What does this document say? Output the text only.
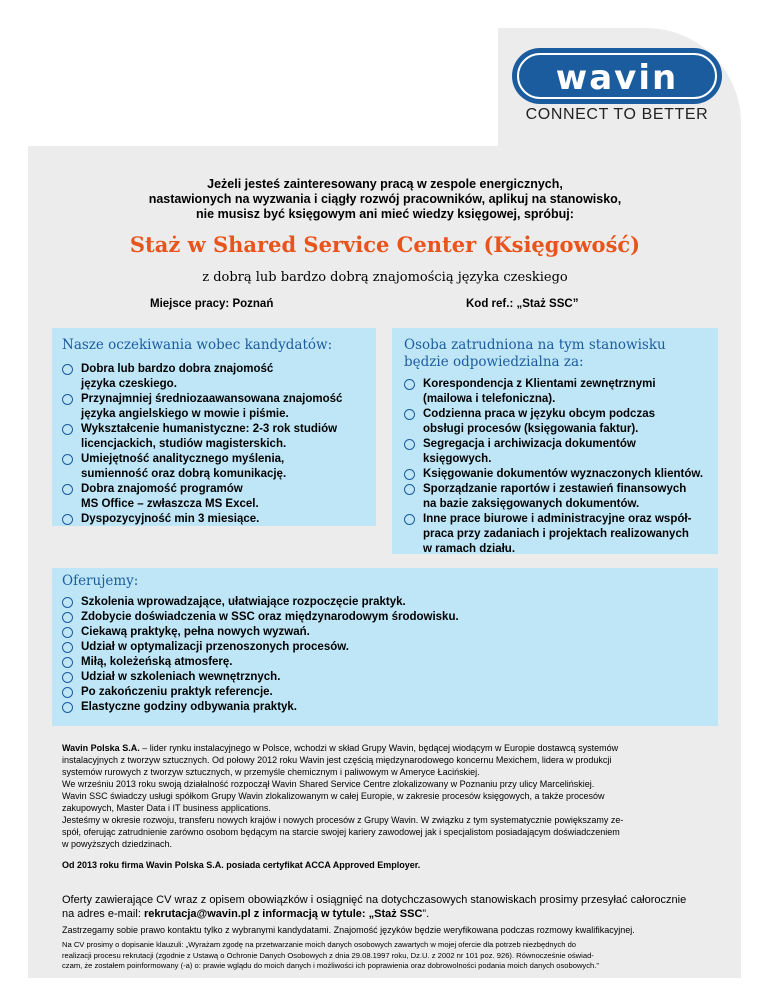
wavin
CONNECT TO BETTER
Jeżeli jesteś zainteresowany pracą w zespole energicznych,
nastawionych na wyzwania i ciągły rozwój pracowników, aplikuj na stanowisko,
nie musisz być księgowym ani mieć wiedzy księgowej, spróbuj:
Staż w Shared Service Center (Księgowość)
z dobrą lub bardzo dobrą znajomością języka czeskiego
Miejsce pracy: Poznań	Kod ref.: „Staż SSC”
Nasze oczekiwania wobec kandydatów:
Dobra lub bardzo dobra znajomość
języka czeskiego.
Przynajmniej średniozaawansowana znajomość
języka angielskiego w mowie i piśmie.
Wykształcenie humanistyczne: 2-3 rok studiów
licencjackich, studiów magisterskich.
Umiejętność analitycznego myślenia,
sumienność oraz dobrą komunikację.
Dobra znajomość programów
MS Office – zwłaszcza MS Excel.
Dyspozycyjność min 3 miesiące.
Osoba zatrudniona na tym stanowisku
będzie odpowiedzialna za:
Korespondencja z Klientami zewnętrznymi
(mailowa i telefoniczna).
Codzienna praca w języku obcym podczas
obsługi procesów (księgowania faktur).
Segregacja i archiwizacja dokumentów
księgowych.
Księgowanie dokumentów wyznaczonych klientów.
Sporządzanie raportów i zestawień finansowych
na bazie zaksięgowanych dokumentów.
Inne prace biurowe i administracyjne oraz współ-
praca przy zadaniach i projektach realizowanych
w ramach działu.
Oferujemy:
Szkolenia wprowadzające, ułatwiające rozpoczęcie praktyk.
Zdobycie doświadczenia w SSC oraz międzynarodowym środowisku.
Ciekawą praktykę, pełna nowych wyzwań.
Udział w optymalizacji przenoszonych procesów.
Miłą, koleżeńską atmosferę.
Udział w szkoleniach wewnętrznych.
Po zakończeniu praktyk referencje.
Elastyczne godziny odbywania praktyk.

Wavin Polska S.A. – lider rynku instalacyjnego w Polsce, wchodzi w skład Grupy Wavin, będącej wiodącym w Europie dostawcą systemów
instalacyjnych z tworzyw sztucznych. Od połowy 2012 roku Wavin jest częścią międzynarodowego koncernu Mexichem, lidera w produkcji
systemów rurowych z tworzyw sztucznych, w przemyśle chemicznym i paliwowym w Ameryce Łacińskiej.

We wrześniu 2013 roku swoją działalność rozpoczął Wavin Shared Service Centre zlokalizowany w Poznaniu przy ulicy Marcelińskiej.
Wavin SSC świadczy usługi spółkom Grupy Wavin zlokalizowanym w całej Europie, w zakresie procesów księgowych, a także procesów
zakupowych, Master Data i IT business applications.

Jesteśmy w okresie rozwoju, transferu nowych krajów i nowych procesów z Grupy Wavin. W związku z tym systematycznie powiększamy ze-
spół, oferując zatrudnienie zarówno osobom będącym na starcie swojej kariery zawodowej jak i specjalistom posiadającym doświadczeniem
w powyższych dziedzinach.

Od 2013 roku firma Wavin Polska S.A. posiada certyfikat ACCA Approved Employer.
Oferty zawierające CV wraz z opisem obowiązków i osiągnięć na dotychczasowych stanowiskach prosimy przesyłać całorocznie
na adres e-mail: rekrutacja@wavin.pl z informacją w tytule: „Staż SSC”.
Zastrzegamy sobie prawo kontaktu tylko z wybranymi kandydatami. Znajomość języków będzie weryfikowana podczas rozmowy kwalifikacyjnej.
Na CV prosimy o dopisanie klauzuli: „Wyrażam zgodę na przetwarzanie moich danych osobowych zawartych w mojej ofercie dla potrzeb niezbędnych do
realizacji procesu rekrutacji (zgodnie z Ustawą o Ochronie Danych Osobowych z dnia 29.08.1997 roku, Dz.U. z 2002 nr 101 poz. 926). Równocześnie oświad-
czam, że zostałem poinformowany (-a) o: prawie wglądu do moich danych i możliwości ich poprawienia oraz dobrowolności podania moich danych osobowych.”
